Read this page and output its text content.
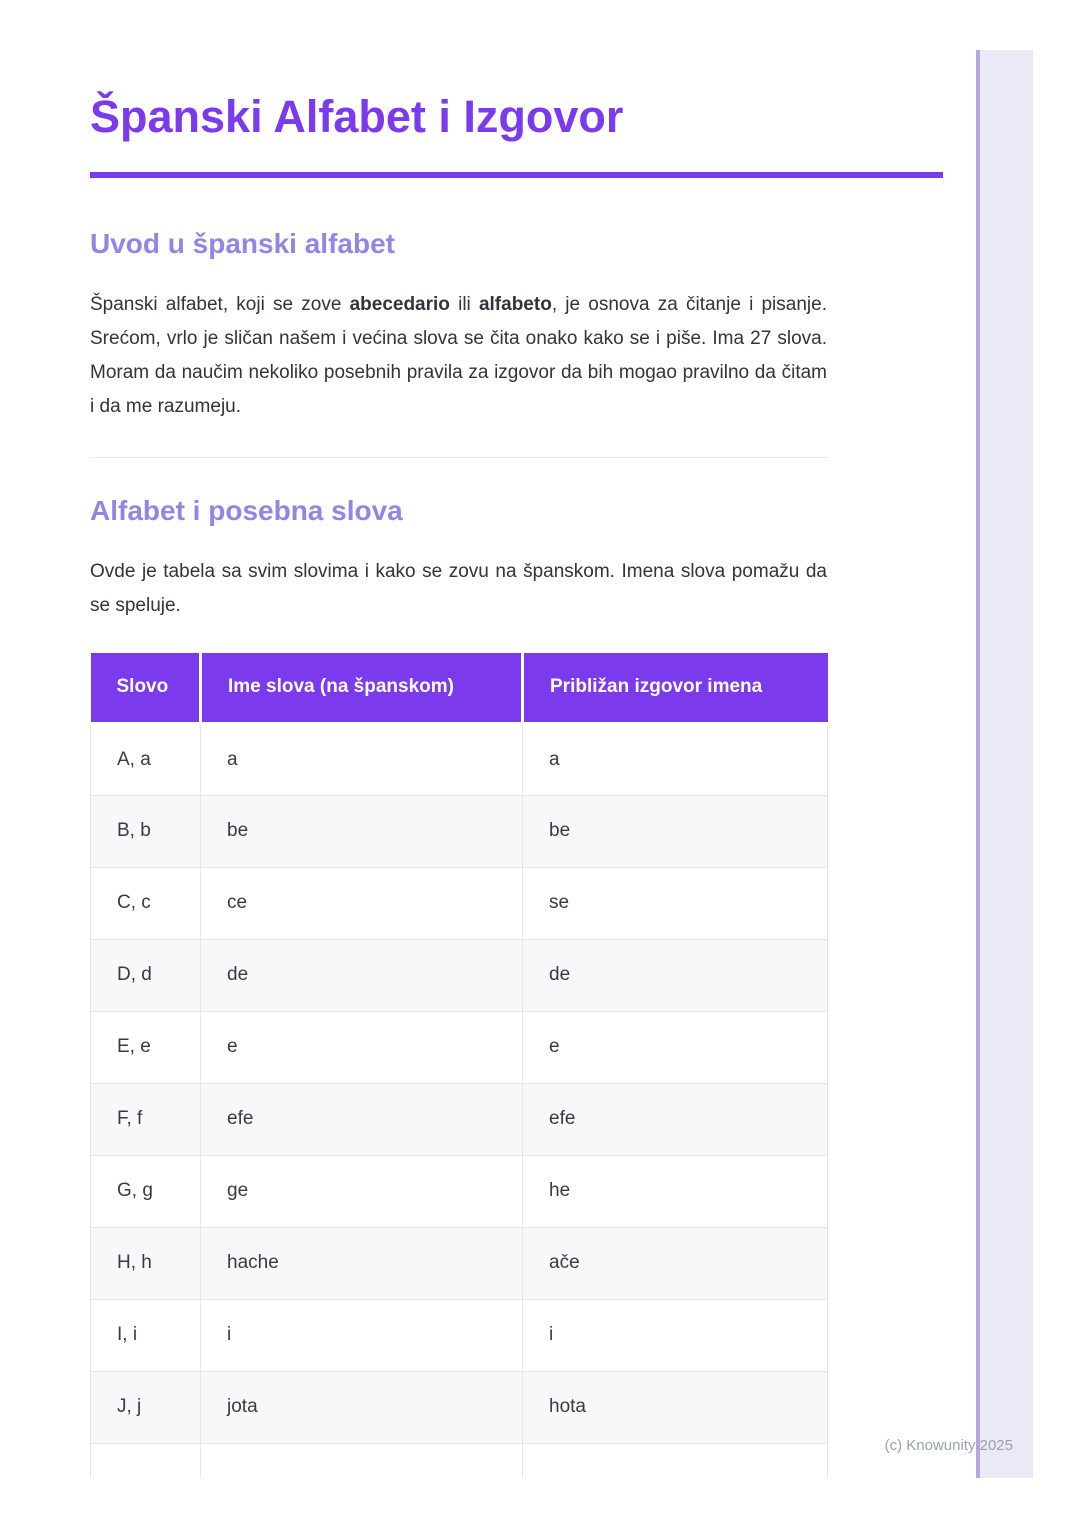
Španski Alfabet i Izgovor
Uvod u španski alfabet

Španski alfabet, koji se zove abecedario ili alfabeto, je osnova za čitanje i pisanje. Srećom, vrlo je sličan našem i većina slova se čita onako kako se i piše. Ima 27 slova. Moram da naučim nekoliko posebnih pravila za izgovor da bih mogao pravilno da čitam i da me razumeju.

Alfabet i posebna slova

Ovde je tabela sa svim slovima i kako se zovu na španskom. Imena slova pomažu da se speluje.

Slovo	Ime slova (na španskom)	Približan izgovor imena
A, a	a	a
B, b	be	be
C, c	ce	se
D, d	de	de
E, e	e	e
F, f	efe	efe
G, g	ge	he
H, h	hache	ače
I, i	i	i
J, j	jota	hota

(c) Knowunity 2025
